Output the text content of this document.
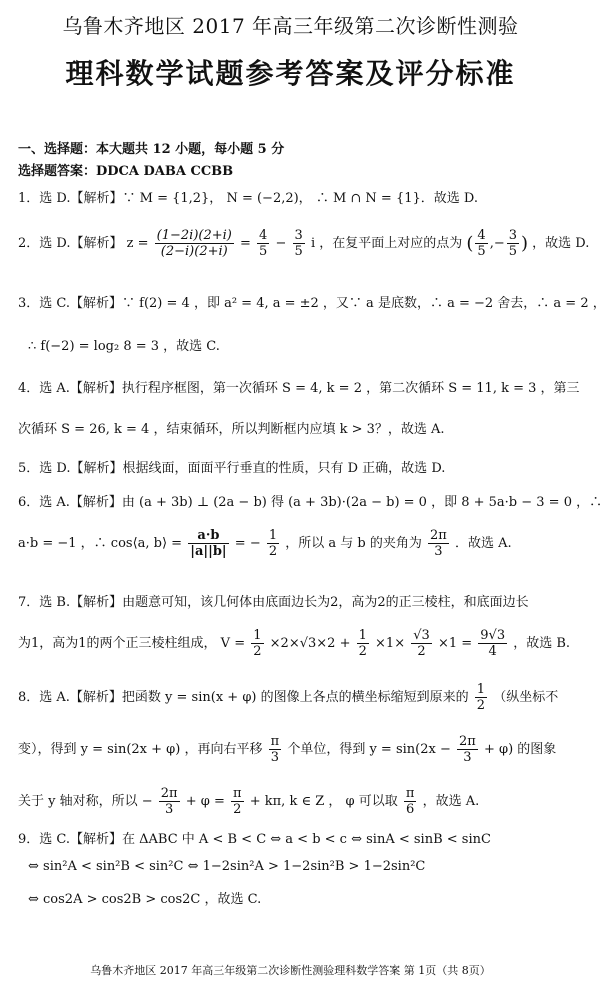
乌鲁木齐地区 2017 年高三年级第二次诊断性测验
理科数学试题参考答案及评分标准
一、选择题：本大题共 12 小题，每小题 5 分
选择题答案：DDCA DABA CCBB
1．选 D.【解析】∵ M = {1,2}， N = (−2,2)， ∴ M ∩ N = {1}．故选 D.
2．选 D.【解析】 $z = \frac{(1-2i)(2+i)}{(2-i)(2+i)} = \frac{4}{5} - \frac{3}{5}$ i ，在复平面上对应的点为 ( $\frac{4}{5}$ ,− $\frac{3}{5}$ ) ，故选 D.
3．选 C.【解析】∵ f(2) = 4 ，即 a² = 4, a = ±2 ，又∵ a 是底数，∴ a = −2 舍去，∴ a = 2 ，
∴ f(−2) = log₂ 8 = 3 ，故选 C.
4．选 A.【解析】执行程序框图，第一次循环 S = 4, k = 2 ，第二次循环 S = 11, k = 3 ，第三
次循环 S = 26, k = 4 ，结束循环，所以判断框内应填 k > 3？，故选 A.
5．选 D.【解析】根据线面，面面平行垂直的性质，只有 D 正确，故选 D.
6．选 A.【解析】由 (a + 3b) ⊥ (2a − b) 得 (a + 3b)·(2a − b) = 0 ，即 8 + 5a·b − 3 = 0 ，∴
a·b = −1 ，∴ cos⟨a, b⟩ = $\frac{a\cdot b}{|a||b|}$ = − $\frac{1}{2}$ ，所以 a 与 b 的夹角为 $\frac{2\pi}{3}$ ．故选 A.
7．选 B.【解析】由题意可知，该几何体由底面边长为2，高为2的正三棱柱，和底面边长
为1，高为1的两个正三棱柱组成， $V = \frac{1}{2} \times 2\times√3\times 2 + \frac{1}{2} \times 1\times \frac{√3}{2} \times 1 = \frac{9√3}{4}$ ，故选 B.
8．选 A.【解析】把函数 y = sin(x + φ) 的图像上各点的横坐标缩短到原来的 $\frac{1}{2}$ （纵坐标不
变），得到 y = sin(2x + φ) ，再向右平移 $\frac{\pi}{3}$ 个单位，得到 $y = \sin(2x - \frac{2\pi}{3} + \varphi)$ 的图象
关于 y 轴对称，所以 − $\frac{2\pi}{3} + \varphi = \frac{\pi}{2} + k\pi$, k ∈ Z ， φ 可以取 $\frac{\pi}{6}$ ，故选 A.
9．选 C.【解析】在 ΔABC 中 A < B < C ⇔ a < b < c ⇔ sinA < sinB < sinC
⇔ sin²A < sin²B < sin²C ⇔ 1−2sin²A > 1−2sin²B > 1−2sin²C
⇔ cos2A > cos2B > cos2C ，故选 C.
乌鲁木齐地区 2017 年高三年级第二次诊断性测验理科数学答案 第 1页（共 8页）
